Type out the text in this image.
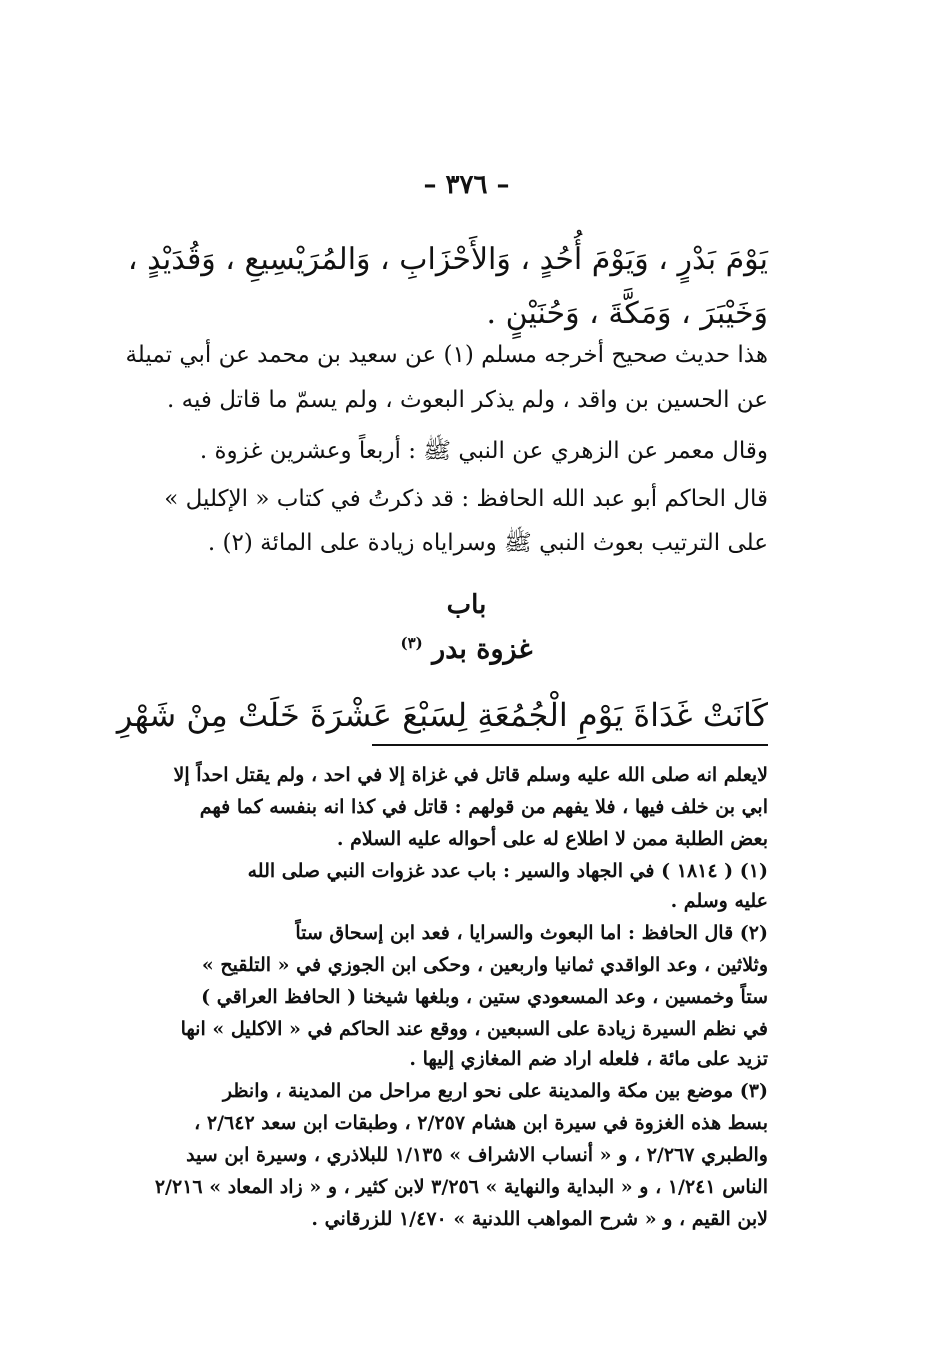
– ٣٧٦ –
يَوْمَ بَدْرٍ ، وَيَوْمَ أُحُدٍ ، وَالأَحْزَابِ ، وَالمُرَيْسِيعِ ، وَقُدَيْدٍ ،
وَخَيْبَرَ ، وَمَكَّةَ ، وَحُنَيْنٍ .
هذا حديث صحيح أخرجه مسلم (١) عن سعيد بن محمد عن أبي تميلة
عن الحسين بن واقد ، ولم يذكر البعوث ، ولم يسمّ ما قاتل فيه .
وقال معمر عن الزهري عن النبي ﷺ : أربعاً وعشرين غزوة .
قال الحاكم أبو عبد الله الحافظ : قد ذكرتُ في كتاب « الإكليل »
على الترتيب بعوث النبي ﷺ وسراياه زيادة على المائة (٢) .
باب
غزوة بدر $^{(٣)}$
كَانَتْ غَدَاةَ يَوْمِ الْجُمُعَةِ لِسَبْعَ عَشْرَةَ خَلَتْ مِنْ شَهْرِ
لايعلم انه صلى الله عليه وسلم قاتل في غزاة إلا في احد ، ولم يقتل احداً إلا
ابي بن خلف فيها ، فلا يفهم من قولهم : قاتل في كذا انه بنفسه كما فهم
بعض الطلبة ممن لا اطلاع له على أحواله عليه السلام .
(١) ( ١٨١٤ ) في الجهاد والسير : باب عدد غزوات النبي صلى الله
عليه وسلم .
(٢) قال الحافظ : اما البعوث والسرايا ، فعد ابن إسحاق ستاً
وثلاثين ، وعد الواقدي ثمانيا واربعين ، وحكى ابن الجوزي في « التلقيح »
ستاً وخمسين ، وعد المسعودي ستين ، وبلغها شيخنا ( الحافظ العراقي )
في نظم السيرة زيادة على السبعين ، ووقع عند الحاكم في « الاكليل » انها
تزيد على مائة ، فلعله اراد ضم المغازي إليها .
(٣) موضع بين مكة والمدينة على نحو اربع مراحل من المدينة ، وانظر
بسط هذه الغزوة في سيرة ابن هشام ٢/٢٥٧ ، وطبقات ابن سعد ٢/٦٤٢ ،
والطبري ٢/٢٦٧ ، و « أنساب الاشراف » ١/١٣٥ للبلاذري ، وسيرة ابن سيد
الناس ١/٢٤١ ، و « البداية والنهاية » ٣/٢٥٦ لابن كثير ، و « زاد المعاد » ٢/٢١٦
لابن القيم ، و « شرح المواهب اللدنية » ١/٤٧٠ للزرقاني .
